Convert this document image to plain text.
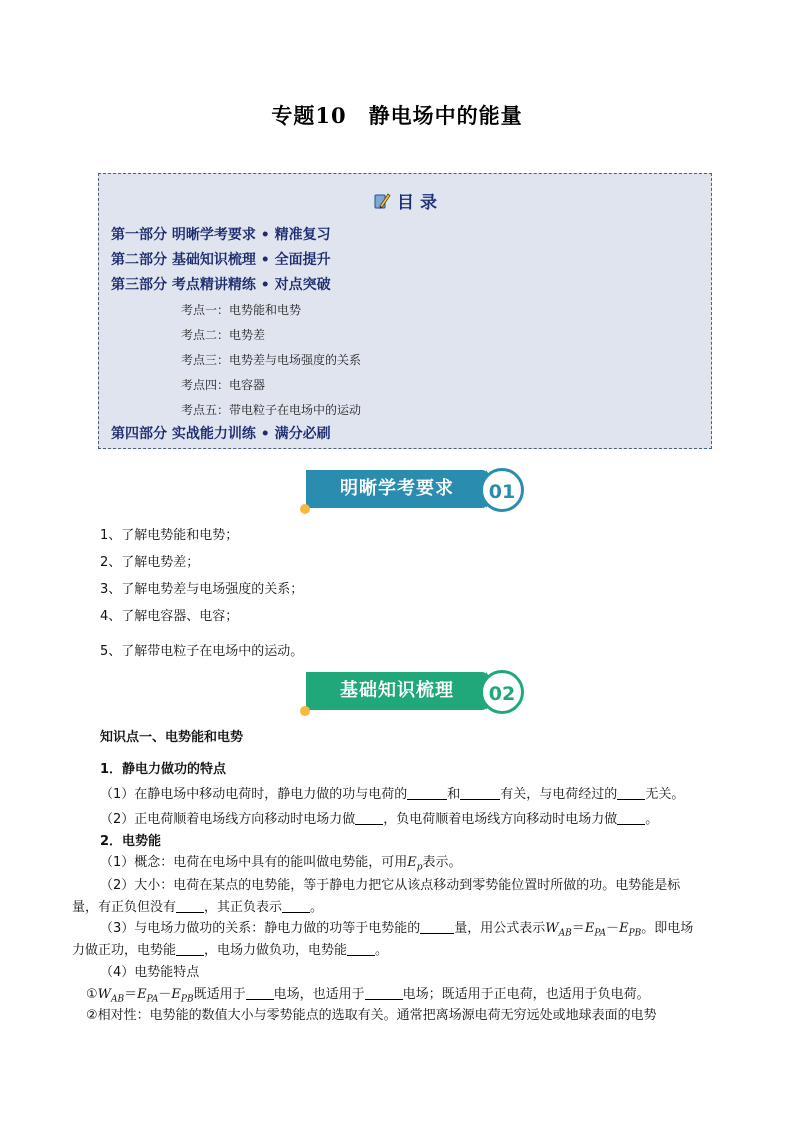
专题10　静电场中的能量
目 录
第一部分 明晰学考要求 • 精准复习
第二部分 基础知识梳理 • 全面提升
第三部分 考点精讲精练 • 对点突破
考点一：电势能和电势
考点二：电势差
考点三：电势差与电场强度的关系
考点四：电容器
考点五：带电粒子在电场中的运动
第四部分 实战能力训练 • 满分必刷
明晰学考要求	01
1、了解电势能和电势；
2、了解电势差；
3、了解电势差与电场强度的关系；
4、了解电容器、电容；
5、了解带电粒子在电场中的运动。
基础知识梳理	02
知识点一、电势能和电势
1．静电力做功的特点
（1）在静电场中移动电荷时，静电力做的功与电荷的	和	有关，与电荷经过的 无关。
（2）正电荷顺着电场线方向移动时电场力做 ，负电荷顺着电场线方向移动时电场力做 。
2．电势能
（1）概念：电荷在电场中具有的能叫做电势能，可用$E_p$表示。
（2）大小：电荷在某点的电势能，等于静电力把它从该点移动到零势能位置时所做的功。电势能是标
量，有正负但没有 ，其正负表示 。
（3）与电场力做功的关系：静电力做的功等于电势能的	量，用公式表示$W_{AB}=E_{PA}-E_{PB}$。即电场
力做正功，电势能 ，电场力做负功，电势能 。
（4）电势能特点
$①W_{AB}=E_{PA}-E_{PB}$既适用于 电场，也适用于	电场；既适用于正电荷，也适用于负电荷。
②相对性：电势能的数值大小与零势能点的选取有关。通常把离场源电荷无穷远处或地球表面的电势
